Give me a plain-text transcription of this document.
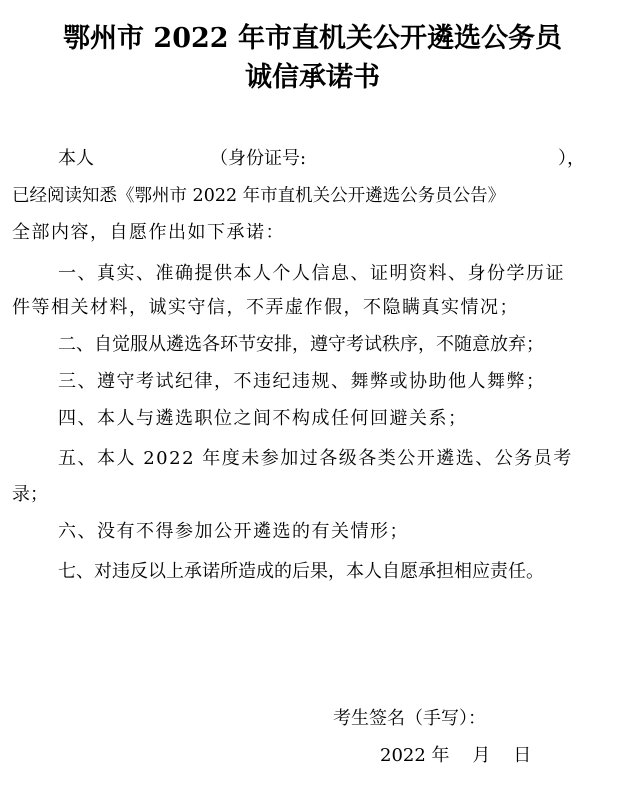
鄂州市 2022 年市直机关公开遴选公务员
诚信承诺书
本人	（身份证号:	），
已经阅读知悉《鄂州市 2022 年市直机关公开遴选公务员公告》
全部内容，自愿作出如下承诺：
一、真实、准确提供本人个人信息、证明资料、身份学历证
件等相关材料，诚实守信，不弄虚作假，不隐瞒真实情况；
二、自觉服从遴选各环节安排，遵守考试秩序，不随意放弃；
三、遵守考试纪律，不违纪违规、舞弊或协助他人舞弊；
四、本人与遴选职位之间不构成任何回避关系；
五、本人 2022 年度未参加过各级各类公开遴选、公务员考
录；
六、没有不得参加公开遴选的有关情形；
七、对违反以上承诺所造成的后果，本人自愿承担相应责任。
考生签名（手写）：
2022 年    月    日
